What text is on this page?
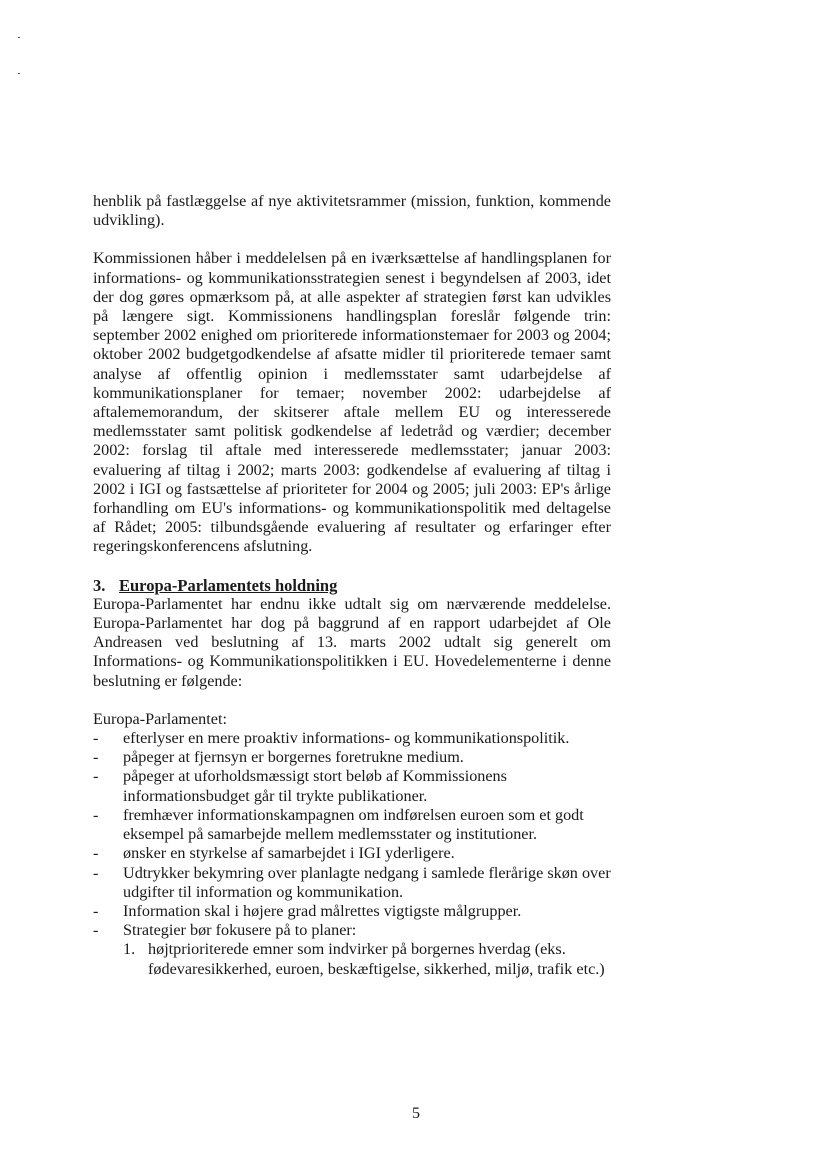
henblik på fastlæggelse af nye aktivitetsrammer (mission, funktion, kommende udvikling).

Kommissionen håber i meddelelsen på en iværksættelse af handlingsplanen for informations- og kommunikationsstrategien senest i begyndelsen af 2003, idet der dog gøres opmærksom på, at alle aspekter af strategien først kan udvikles på længere sigt. Kommissionens handlingsplan foreslår følgende trin: september 2002 enighed om prioriterede informationstemaer for 2003 og 2004; oktober 2002 budgetgodkendelse af afsatte midler til prioriterede temaer samt analyse af offentlig opinion i medlemsstater samt udarbejdelse af kommunikationsplaner for temaer; november 2002: udarbejdelse af aftalememorandum, der skitserer aftale mellem EU og interesserede medlemsstater samt politisk godkendelse af ledetråd og værdier; december 2002: forslag til aftale med interesserede medlemsstater; januar 2003: evaluering af tiltag i 2002; marts 2003: godkendelse af evaluering af tiltag i 2002 i IGI og fastsættelse af prioriteter for 2004 og 2005; juli 2003: EP's årlige forhandling om EU's informations- og kommunikationspolitik med deltagelse af Rådet; 2005: tilbundsgående evaluering af resultater og erfaringer efter regeringskonferencens afslutning.

3. Europa-Parlamentets holdning

Europa-Parlamentet har endnu ikke udtalt sig om nærværende meddelelse. Europa-Parlamentet har dog på baggrund af en rapport udarbejdet af Ole Andreasen ved beslutning af 13. marts 2002 udtalt sig generelt om Informations- og Kommunikationspolitikken i EU. Hovedelementerne i denne beslutning er følgende:

Europa-Parlamentet:

- efterlyser en mere proaktiv informations- og kommunikationspolitik.
- påpeger at fjernsyn er borgernes foretrukne medium.
- påpeger at uforholdsmæssigt stort beløb af Kommissionens informationsbudget går til trykte publikationer.
- fremhæver informationskampagnen om indførelsen euroen som et godt eksempel på samarbejde mellem medlemsstater og institutioner.
- ønsker en styrkelse af samarbejdet i IGI yderligere.
- Udtrykker bekymring over planlagte nedgang i samlede flerårige skøn over udgifter til information og kommunikation.
- Information skal i højere grad målrettes vigtigste målgrupper.
- Strategier bør fokusere på to planer:
1. højtprioriterede emner som indvirker på borgernes hverdag (eks. fødevaresikkerhed, euroen, beskæftigelse, sikkerhed, miljø, trafik etc.)
5
